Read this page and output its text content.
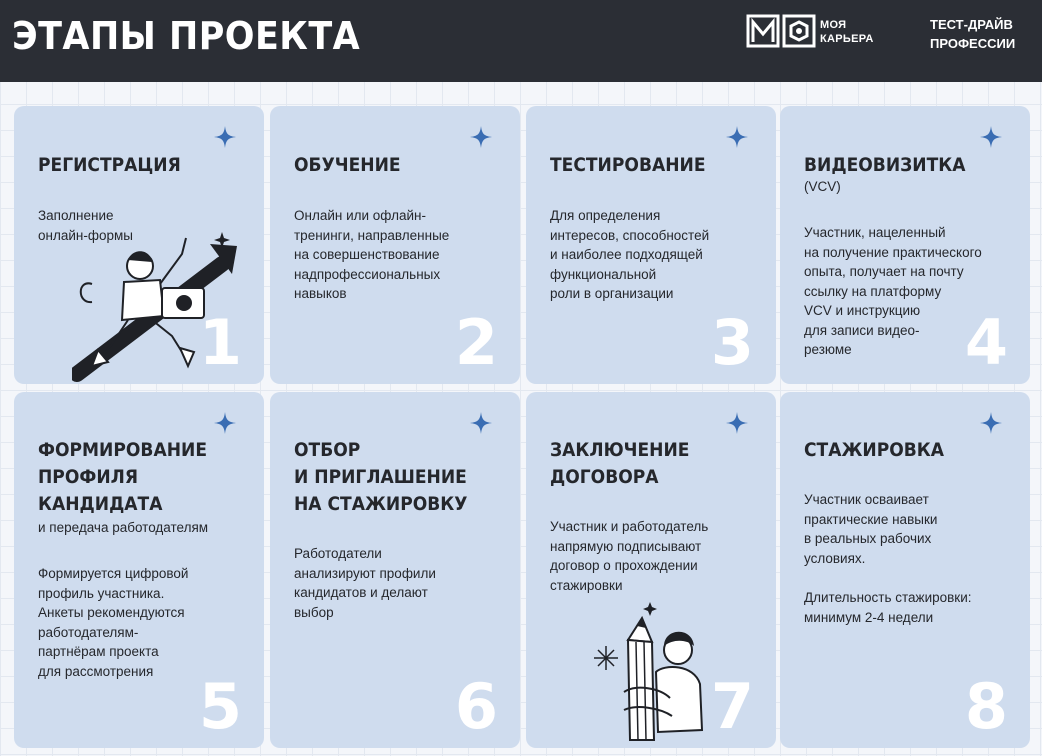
ЭТАПЫ ПРОЕКТА	МОЯ
КАРЬЕРА
ТЕСТ-ДРАЙВ
ПРОФЕССИИ
РЕГИСТРАЦИЯ
Заполнение
онлайн-формы
1
ОБУЧЕНИЕ
Онлайн или офлайн-
тренинги, направленные
на совершенствование
надпрофессиональных
навыков
2
ТЕСТИРОВАНИЕ
Для определения
интересов, способностей
и наиболее подходящей
функциональной
роли в организации
3
ВИДЕОВИЗИТКА
(VCV)
Участник, нацеленный
на получение практического
опыта, получает на почту
ссылку на платформу
VCV и инструкцию
для записи видео-
резюме	4
ФОРМИРОВАНИЕ
ПРОФИЛЯ
КАНДИДАТА
и передача работодателям
Формируется цифровой
профиль участника.
Анкеты рекомендуются
работодателям-
партнёрам проекта
для рассмотрения 5
ОТБОР
И ПРИГЛАШЕНИЕ
НА СТАЖИРОВКУ
Работодатели
анализируют профили
кандидатов и делают
выбор
6
ЗАКЛЮЧЕНИЕ
ДОГОВОРА
Участник и работодатель
напрямую подписывают
договор о прохождении
стажировки
7
СТАЖИРОВКА
Участник осваивает
практические навыки
в реальных рабочих
условиях.
Длительность стажировки:
минимум 2-4 недели
8
